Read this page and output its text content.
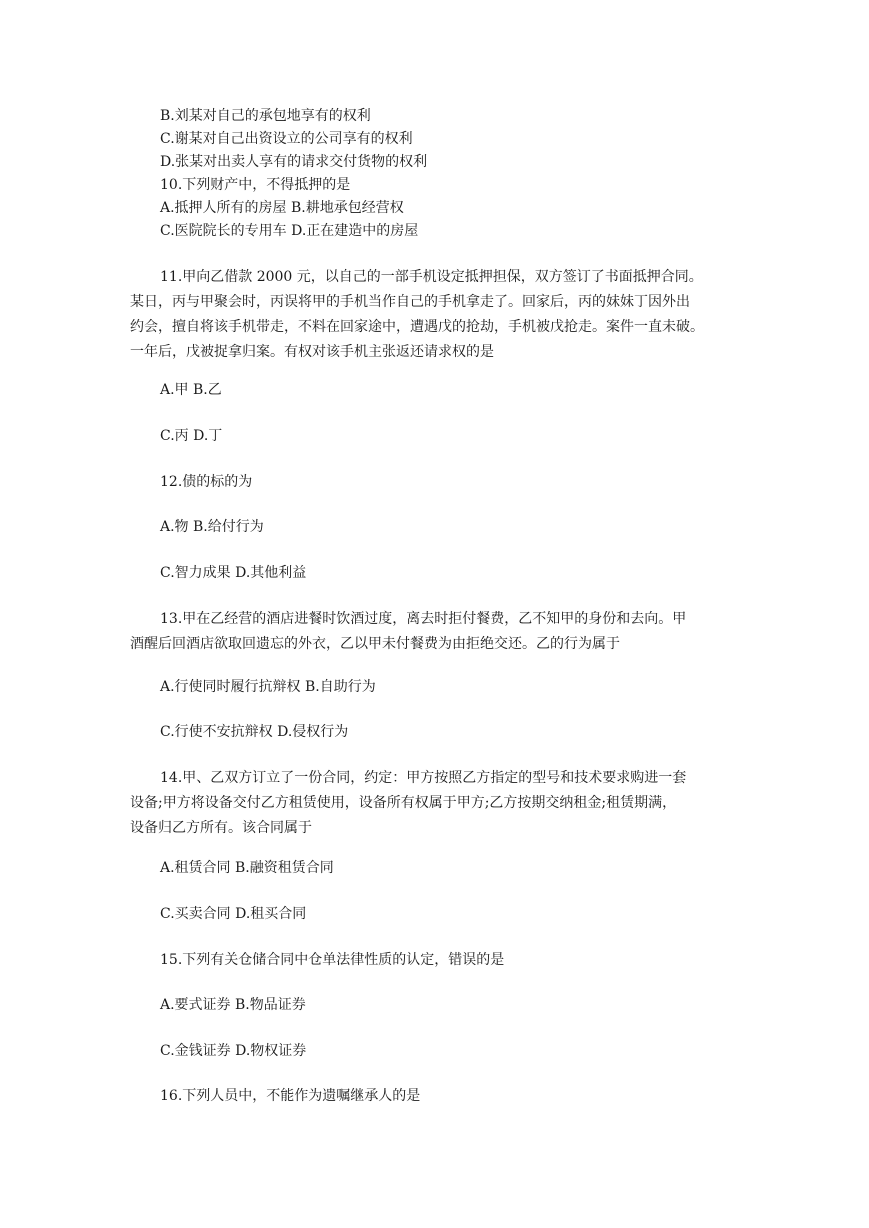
B.刘某对自己的承包地享有的权利
C.谢某对自己出资设立的公司享有的权利
D.张某对出卖人享有的请求交付货物的权利
10.下列财产中，不得抵押的是
A.抵押人所有的房屋 B.耕地承包经营权
C.医院院长的专用车 D.正在建造中的房屋
11.甲向乙借款 2000 元，以自己的一部手机设定抵押担保，双方签订了书面抵押合同。
某日，丙与甲聚会时，丙误将甲的手机当作自己的手机拿走了。回家后，丙的妹妹丁因外出
约会，擅自将该手机带走，不料在回家途中，遭遇戊的抢劫，手机被戊抢走。案件一直未破。
一年后，戊被捉拿归案。有权对该手机主张返还请求权的是
A.甲 B.乙
C.丙 D.丁
12.债的标的为
A.物 B.给付行为
C.智力成果 D.其他利益
13.甲在乙经营的酒店进餐时饮酒过度，离去时拒付餐费，乙不知甲的身份和去向。甲
酒醒后回酒店欲取回遗忘的外衣，乙以甲未付餐费为由拒绝交还。乙的行为属于
A.行使同时履行抗辩权 B.自助行为
C.行使不安抗辩权 D.侵权行为
14.甲、乙双方订立了一份合同，约定：甲方按照乙方指定的型号和技术要求购进一套
设备;甲方将设备交付乙方租赁使用，设备所有权属于甲方;乙方按期交纳租金;租赁期满，
设备归乙方所有。该合同属于
A.租赁合同 B.融资租赁合同
C.买卖合同 D.租买合同
15.下列有关仓储合同中仓单法律性质的认定，错误的是
A.要式证券 B.物品证券
C.金钱证券 D.物权证券
16.下列人员中，不能作为遗嘱继承人的是
